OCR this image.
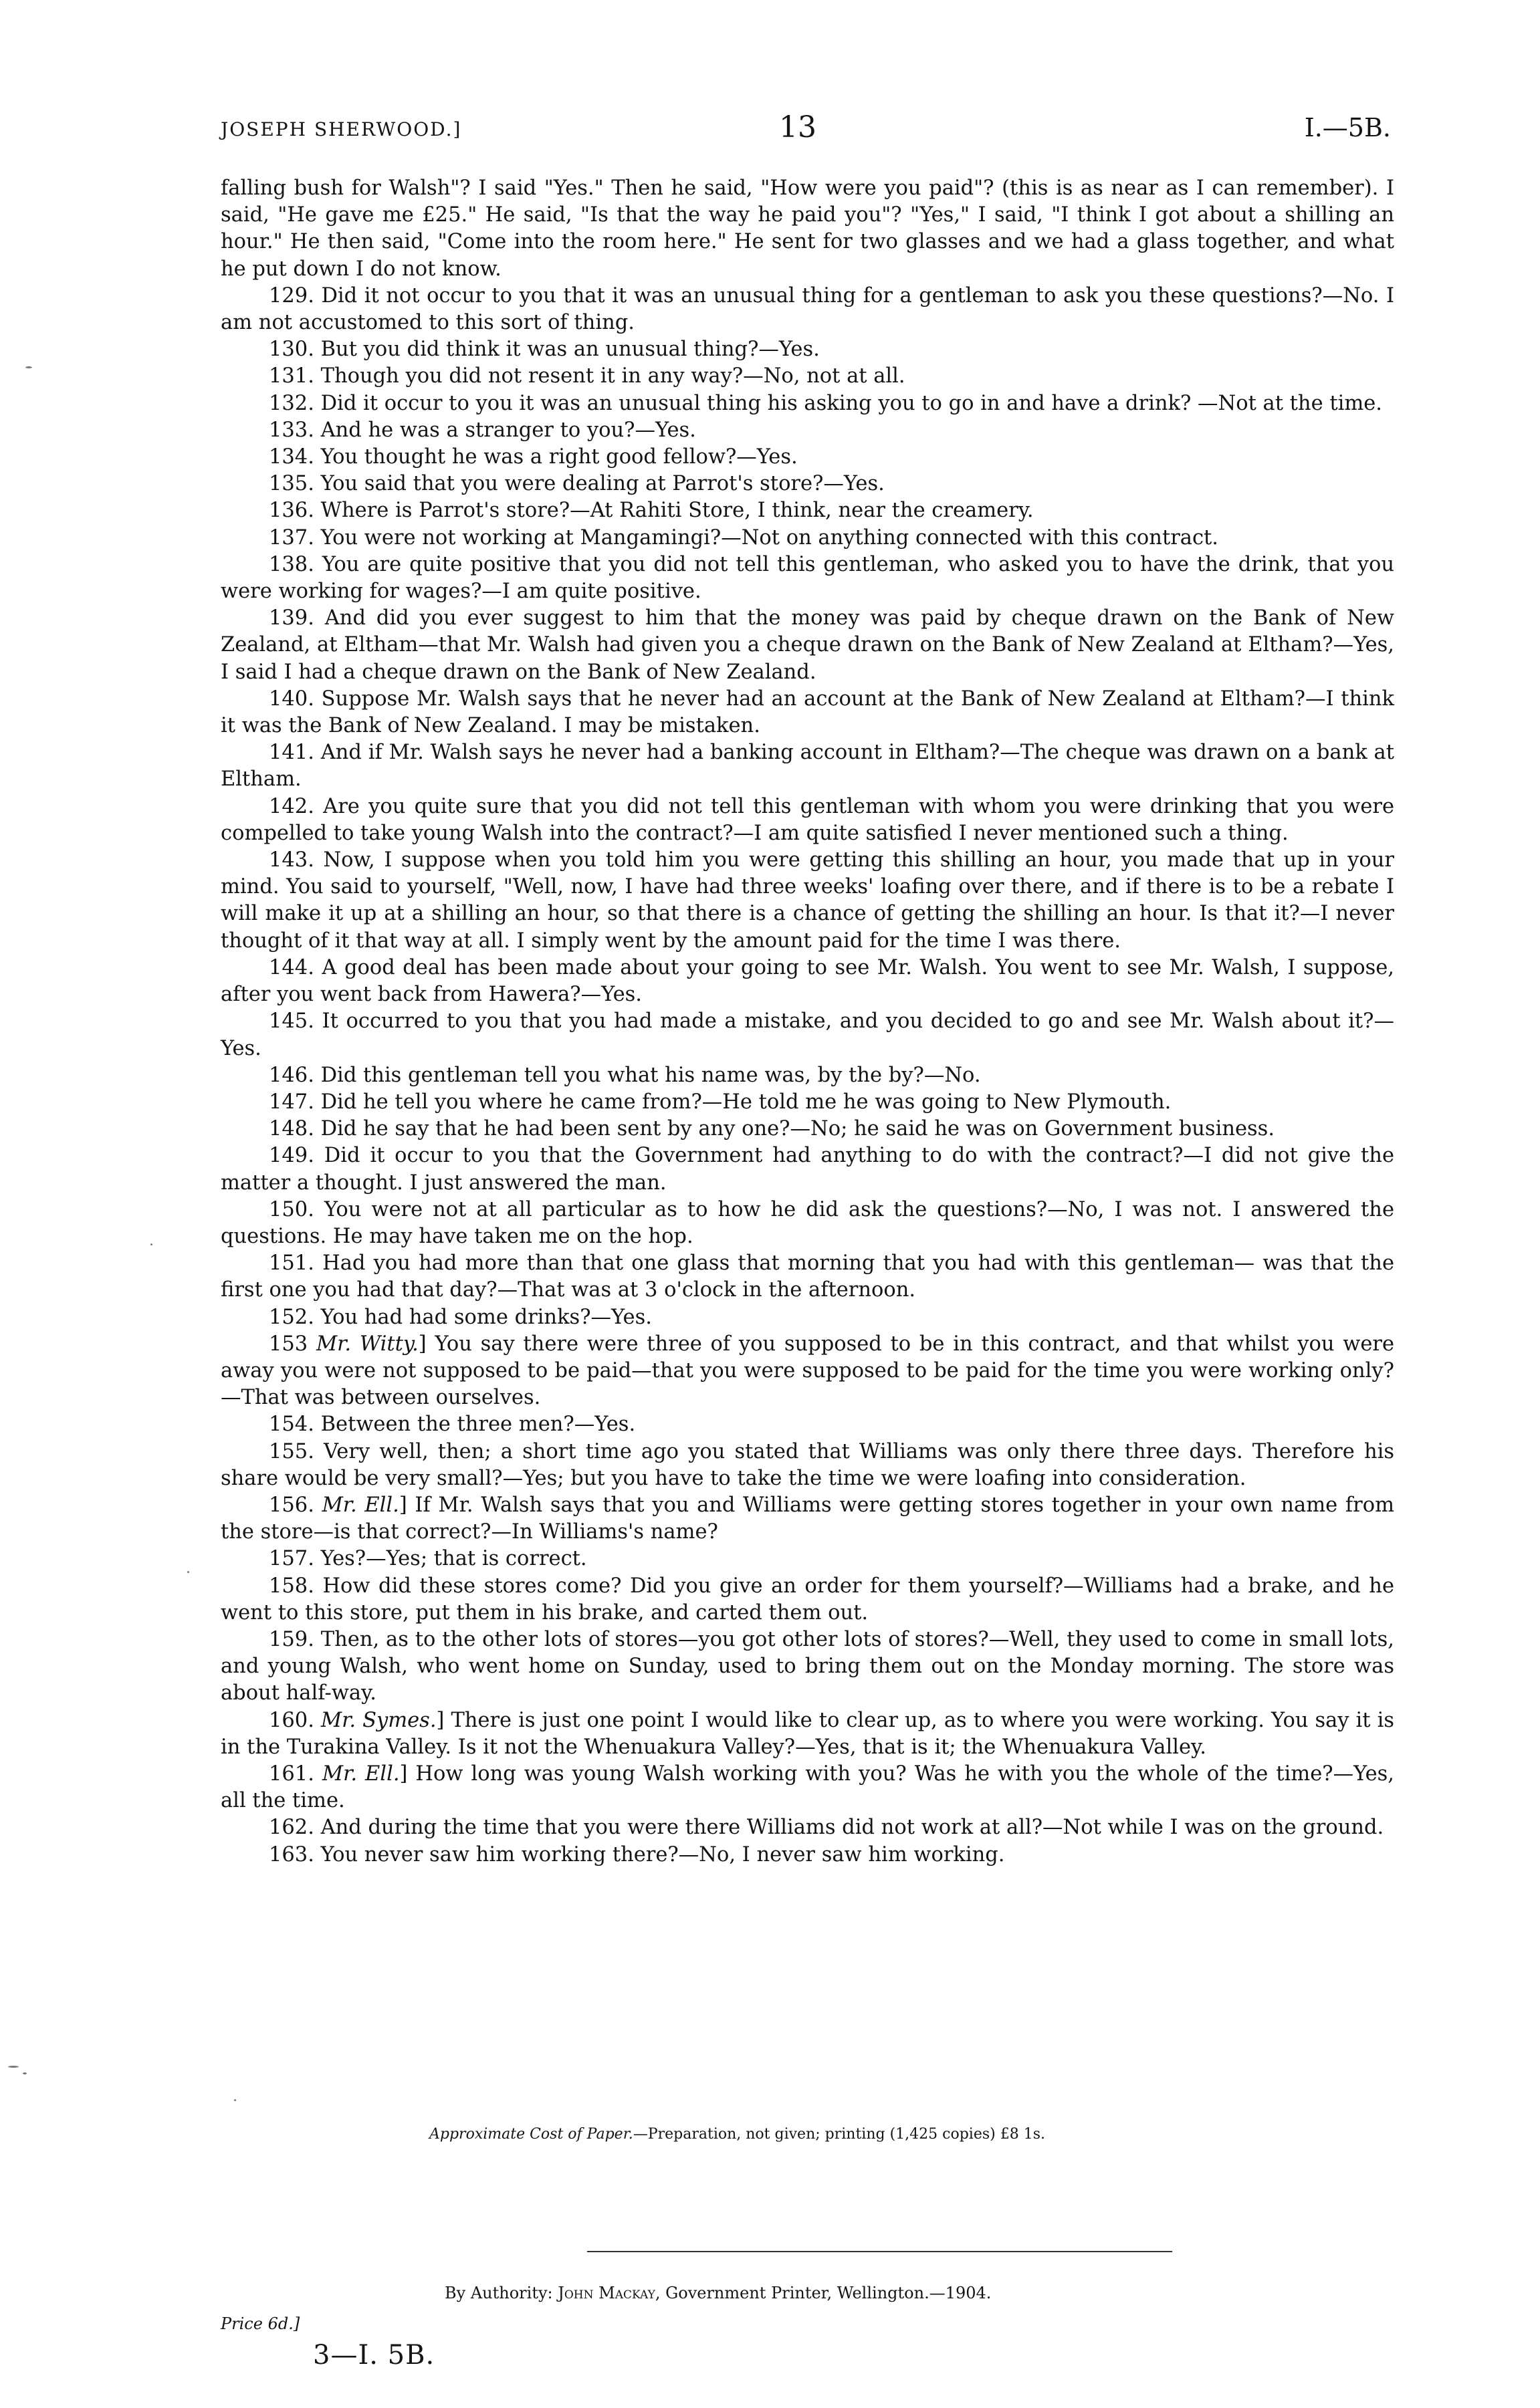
JOSEPH SHERWOOD.]	13	I.—5B.

falling bush for Walsh"? I said "Yes." Then he said, "How were you paid"? (this is as near as I can remember). I said, "He gave me £25." He said, "Is that the way he paid you"? "Yes," I said, "I think I got about a shilling an hour." He then said, "Come into the room here." He sent for two glasses and we had a glass together, and what he put down I do not know.

129. Did it not occur to you that it was an unusual thing for a gentleman to ask you these questions?—No. I am not accustomed to this sort of thing.

130. But you did think it was an unusual thing?—Yes.

131. Though you did not resent it in any way?—No, not at all.

132. Did it occur to you it was an unusual thing his asking you to go in and have a drink? —Not at the time.

133. And he was a stranger to you?—Yes.

134. You thought he was a right good fellow?—Yes.

135. You said that you were dealing at Parrot's store?—Yes.

136. Where is Parrot's store?—At Rahiti Store, I think, near the creamery.

137. You were not working at Mangamingi?—Not on anything connected with this contract.

138. You are quite positive that you did not tell this gentleman, who asked you to have the drink, that you were working for wages?—I am quite positive.

139. And did you ever suggest to him that the money was paid by cheque drawn on the Bank of New Zealand, at Eltham—that Mr. Walsh had given you a cheque drawn on the Bank of New Zealand at Eltham?—Yes, I said I had a cheque drawn on the Bank of New Zealand.

140. Suppose Mr. Walsh says that he never had an account at the Bank of New Zealand at Eltham?—I think it was the Bank of New Zealand. I may be mistaken.

141. And if Mr. Walsh says he never had a banking account in Eltham?—The cheque was drawn on a bank at Eltham.

142. Are you quite sure that you did not tell this gentleman with whom you were drinking that you were compelled to take young Walsh into the contract?—I am quite satisfied I never mentioned such a thing.

143. Now, I suppose when you told him you were getting this shilling an hour, you made that up in your mind. You said to yourself, "Well, now, I have had three weeks' loafing over there, and if there is to be a rebate I will make it up at a shilling an hour, so that there is a chance of getting the shilling an hour. Is that it?—I never thought of it that way at all. I simply went by the amount paid for the time I was there.

144. A good deal has been made about your going to see Mr. Walsh. You went to see Mr. Walsh, I suppose, after you went back from Hawera?—Yes.

145. It occurred to you that you had made a mistake, and you decided to go and see Mr. Walsh about it?—Yes.

146. Did this gentleman tell you what his name was, by the by?—No.

147. Did he tell you where he came from?—He told me he was going to New Plymouth.

148. Did he say that he had been sent by any one?—No; he said he was on Government business.

149. Did it occur to you that the Government had anything to do with the contract?—I did not give the matter a thought. I just answered the man.

150. You were not at all particular as to how he did ask the questions?—No, I was not. I answered the questions. He may have taken me on the hop.

151. Had you had more than that one glass that morning that you had with this gentleman— was that the first one you had that day?—That was at 3 o'clock in the afternoon.

152. You had had some drinks?—Yes.

153 Mr. Witty.] You say there were three of you supposed to be in this contract, and that whilst you were away you were not supposed to be paid—that you were supposed to be paid for the time you were working only?—That was between ourselves.

154. Between the three men?—Yes.

155. Very well, then; a short time ago you stated that Williams was only there three days. Therefore his share would be very small?—Yes; but you have to take the time we were loafing into consideration.

156. Mr. Ell.] If Mr. Walsh says that you and Williams were getting stores together in your own name from the store—is that correct?—In Williams's name?

157. Yes?—Yes; that is correct.

158. How did these stores come? Did you give an order for them yourself?—Williams had a brake, and he went to this store, put them in his brake, and carted them out.

159. Then, as to the other lots of stores—you got other lots of stores?—Well, they used to come in small lots, and young Walsh, who went home on Sunday, used to bring them out on the Monday morning. The store was about half-way.

160. Mr. Symes.] There is just one point I would like to clear up, as to where you were working. You say it is in the Turakina Valley. Is it not the Whenuakura Valley?—Yes, that is it; the Whenuakura Valley.

161. Mr. Ell.] How long was young Walsh working with you? Was he with you the whole of the time?—Yes, all the time.

162. And during the time that you were there Williams did not work at all?—Not while I was on the ground.

163. You never saw him working there?—No, I never saw him working.

Approximate Cost of Paper.—Preparation, not given; printing (1,425 copies) £8 1s.
By Authority: John Mackay, Government Printer, Wellington.—1904.
Price 6d.]
3—I. 5B.
